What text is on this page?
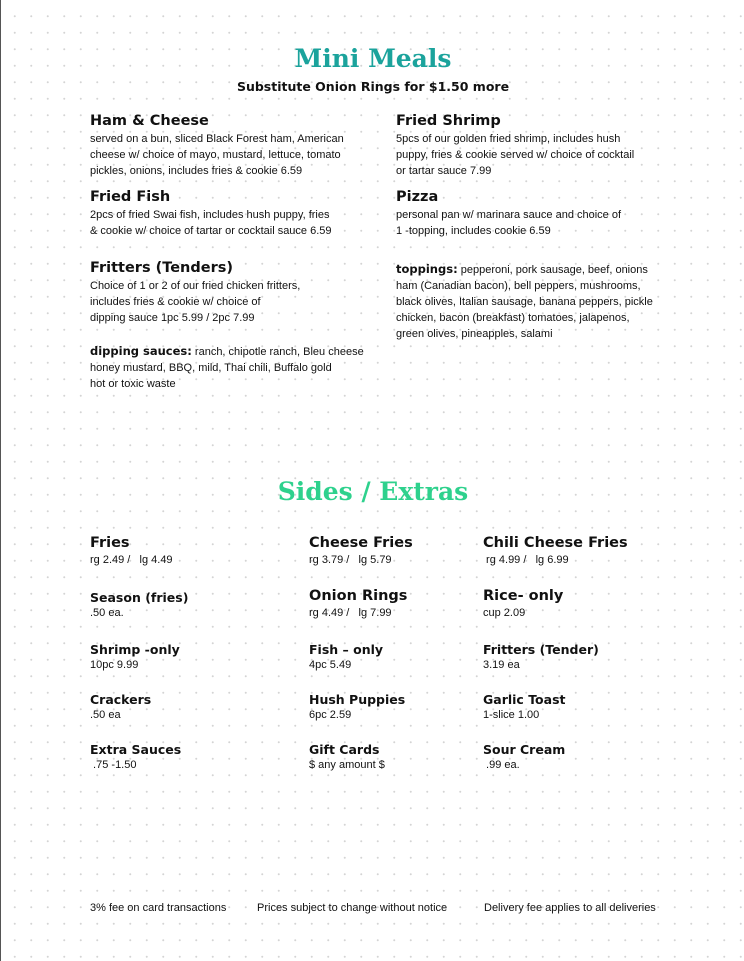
Mini Meals
Substitute Onion Rings for $1.50 more
Ham & Cheese
served on a bun, sliced Black Forest ham, American
cheese w/ choice of mayo, mustard, lettuce, tomato
pickles, onions, includes fries & cookie 6.59
Fried Fish
2pcs of fried Swai fish, includes hush puppy, fries
& cookie w/ choice of tartar or cocktail sauce 6.59
Fritters (Tenders)
Choice of 1 or 2 of our fried chicken fritters,
includes fries & cookie w/ choice of
dipping sauce 1pc 5.99 / 2pc 7.99
dipping sauces: ranch, chipotle ranch, Bleu cheese
honey mustard, BBQ, mild, Thai chili, Buffalo gold
hot or toxic waste
Fried Shrimp
5pcs of our golden fried shrimp, includes hush
puppy, fries & cookie served w/ choice of cocktail
or tartar sauce 7.99
Pizza
personal pan w/ marinara sauce and choice of
1 -topping, includes cookie 6.59
toppings: pepperoni, pork sausage, beef, onions
ham (Canadian bacon), bell peppers, mushrooms,
black olives, Italian sausage, banana peppers, pickle
chicken, bacon (breakfast) tomatoes, jalapenos,
green olives, pineapples, salami
Sides / Extras
Fries
rg 2.49 /   lg 4.49
Cheese Fries
rg 3.79 /   lg 5.79
Chili Cheese Fries
rg 4.99 /   lg 6.99
Season (fries)
.50 ea.
Onion Rings
rg 4.49 /   lg 7.99
Rice- only
cup 2.09
Shrimp -only
10pc 9.99
Fish – only
4pc 5.49
Fritters (Tender)
3.19 ea
Crackers
.50 ea
Hush Puppies
6pc 2.59
Garlic Toast
1-slice 1.00
Extra Sauces
.75 -1.50
Gift Cards
$ any amount $
Sour Cream
.99 ea.
3% fee on card transactions	Prices subject to change without notice	Delivery fee applies to all deliveries
